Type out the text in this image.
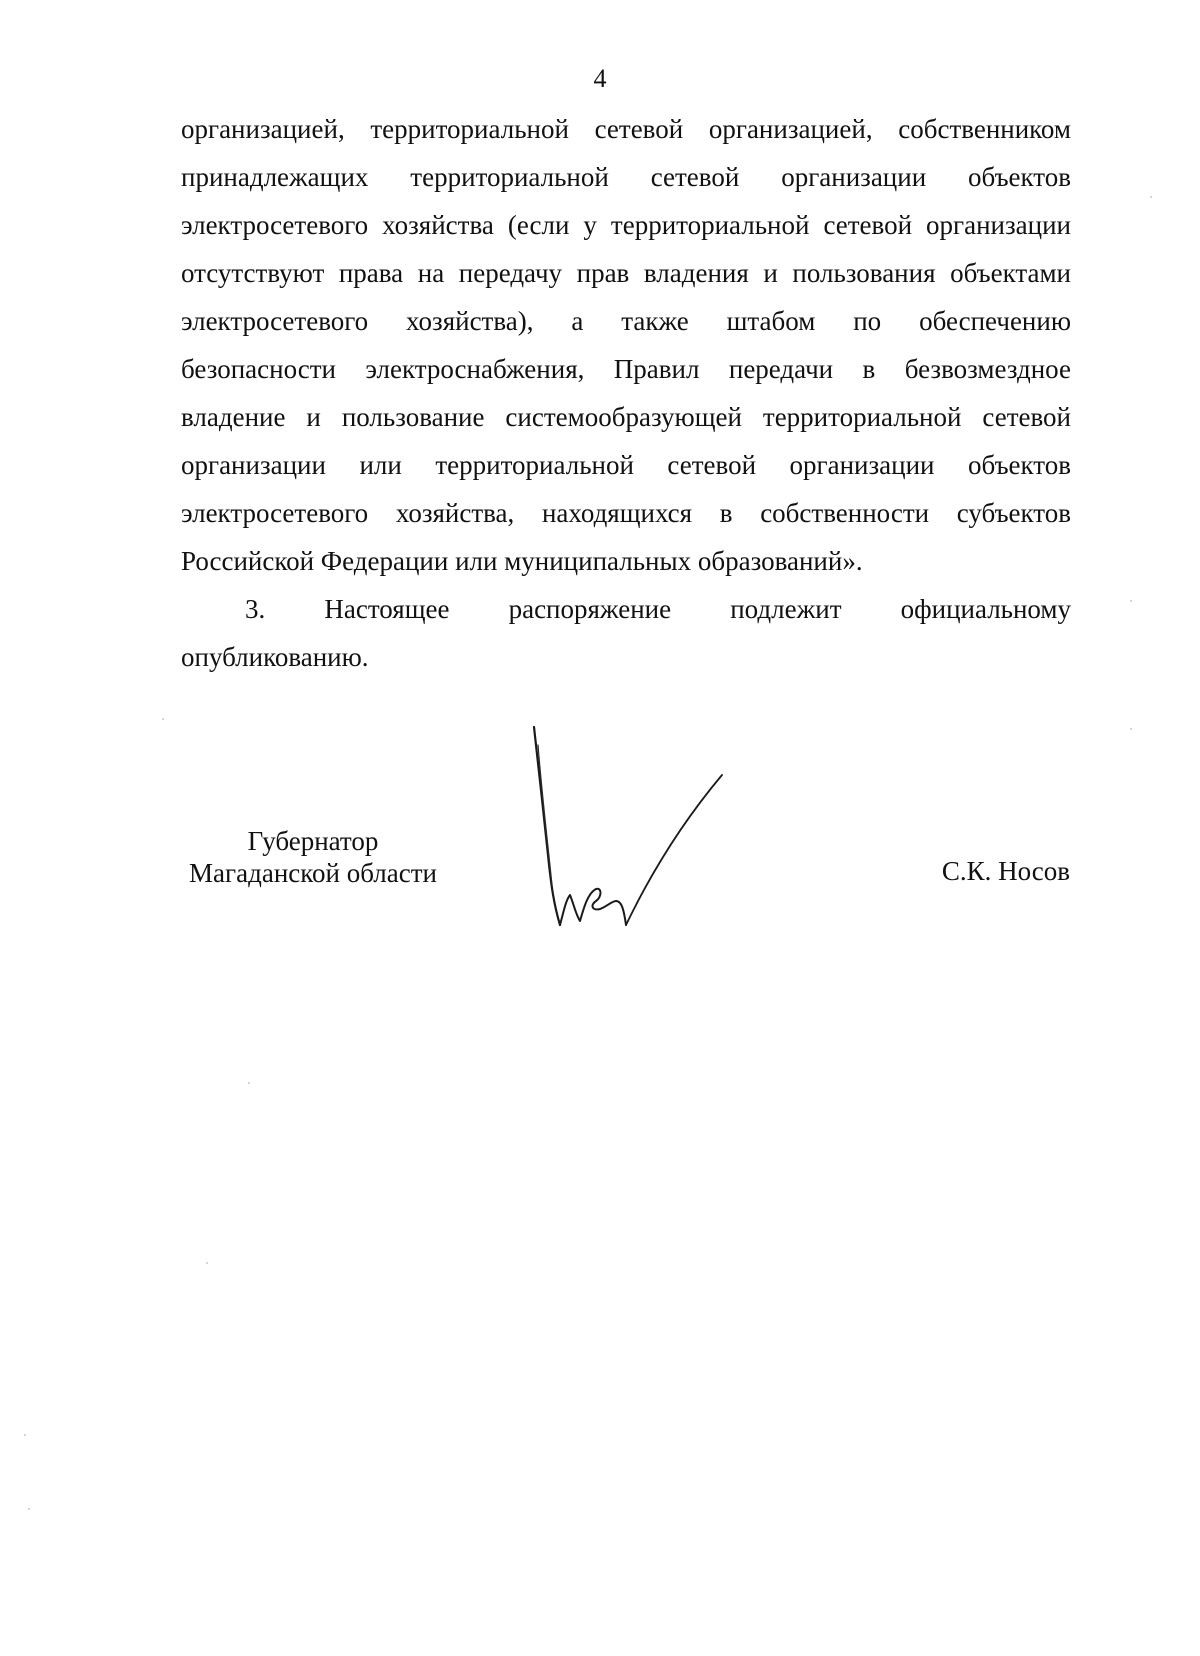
4

организацией, территориальной сетевой организацией, собственником

принадлежащих территориальной сетевой организации объектов

электросетевого хозяйства (если у территориальной сетевой организации

отсутствуют права на передачу прав владения и пользования объектами

электросетевого хозяйства), а также штабом по обеспечению

безопасности электроснабжения, Правил передачи в безвозмездное

владение и пользование системообразующей территориальной сетевой

организации или территориальной сетевой организации объектов

электросетевого хозяйства, находящихся в собственности субъектов

Российской Федерации или муниципальных образований».

3. Настоящее распоряжение подлежит официальному

опубликованию.

Губернатор
Магаданской области	С.К. Носов
